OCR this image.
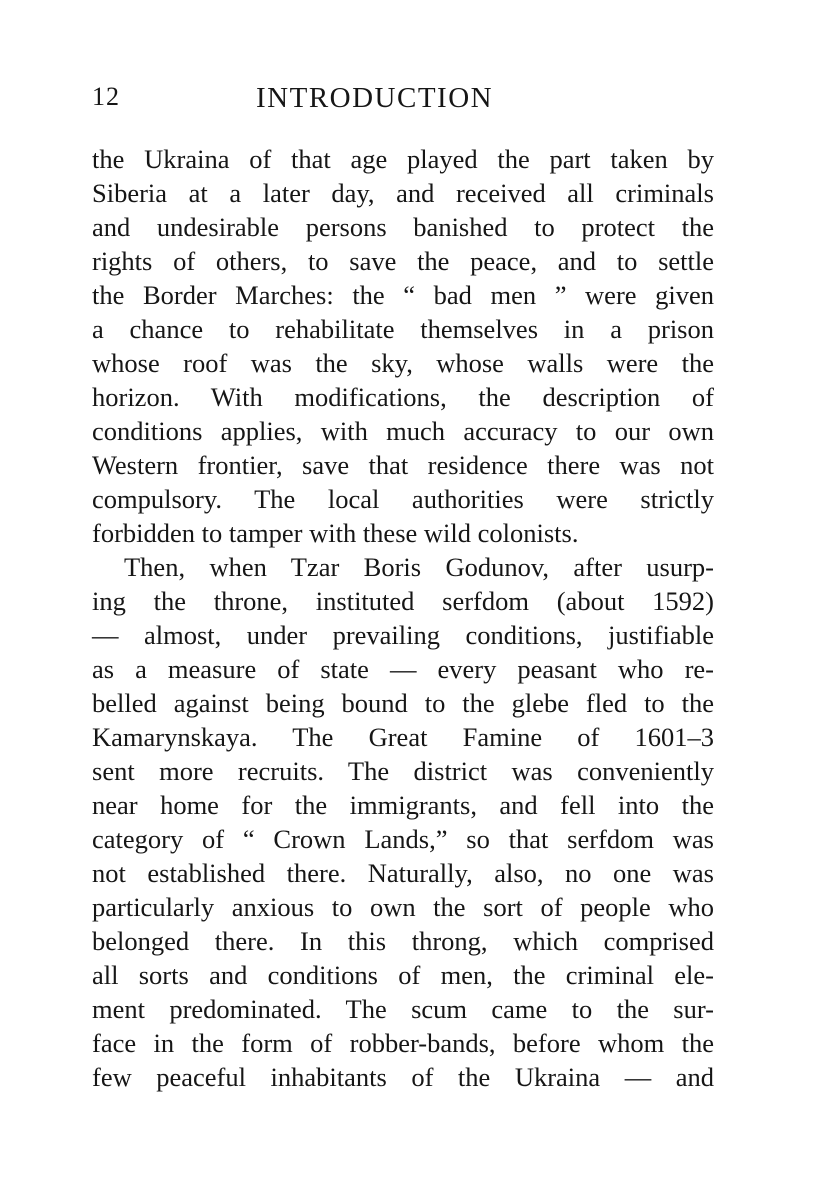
12	INTRODUCTION
the Ukraina of that age played the part taken by
Siberia at a later day, and received all criminals
and undesirable persons banished to protect the
rights of others, to save the peace, and to settle
the Border Marches: the “ bad men ” were given
a chance to rehabilitate themselves in a prison
whose roof was the sky, whose walls were the
horizon. With modifications, the description of
conditions applies, with much accuracy to our own
Western frontier, save that residence there was not
compulsory. The local authorities were strictly
forbidden to tamper with these wild colonists.
Then, when Tzar Boris Godunov, after usurp-
ing the throne, instituted serfdom (about 1592)
— almost, under prevailing conditions, justifiable
as a measure of state — every peasant who re-
belled against being bound to the glebe fled to the
Kamarynskaya. The Great Famine of 1601–3
sent more recruits. The district was conveniently
near home for the immigrants, and fell into the
category of “ Crown Lands,” so that serfdom was
not established there. Naturally, also, no one was
particularly anxious to own the sort of people who
belonged there. In this throng, which comprised
all sorts and conditions of men, the criminal ele-
ment predominated. The scum came to the sur-
face in the form of robber-bands, before whom the
few peaceful inhabitants of the Ukraina — and
